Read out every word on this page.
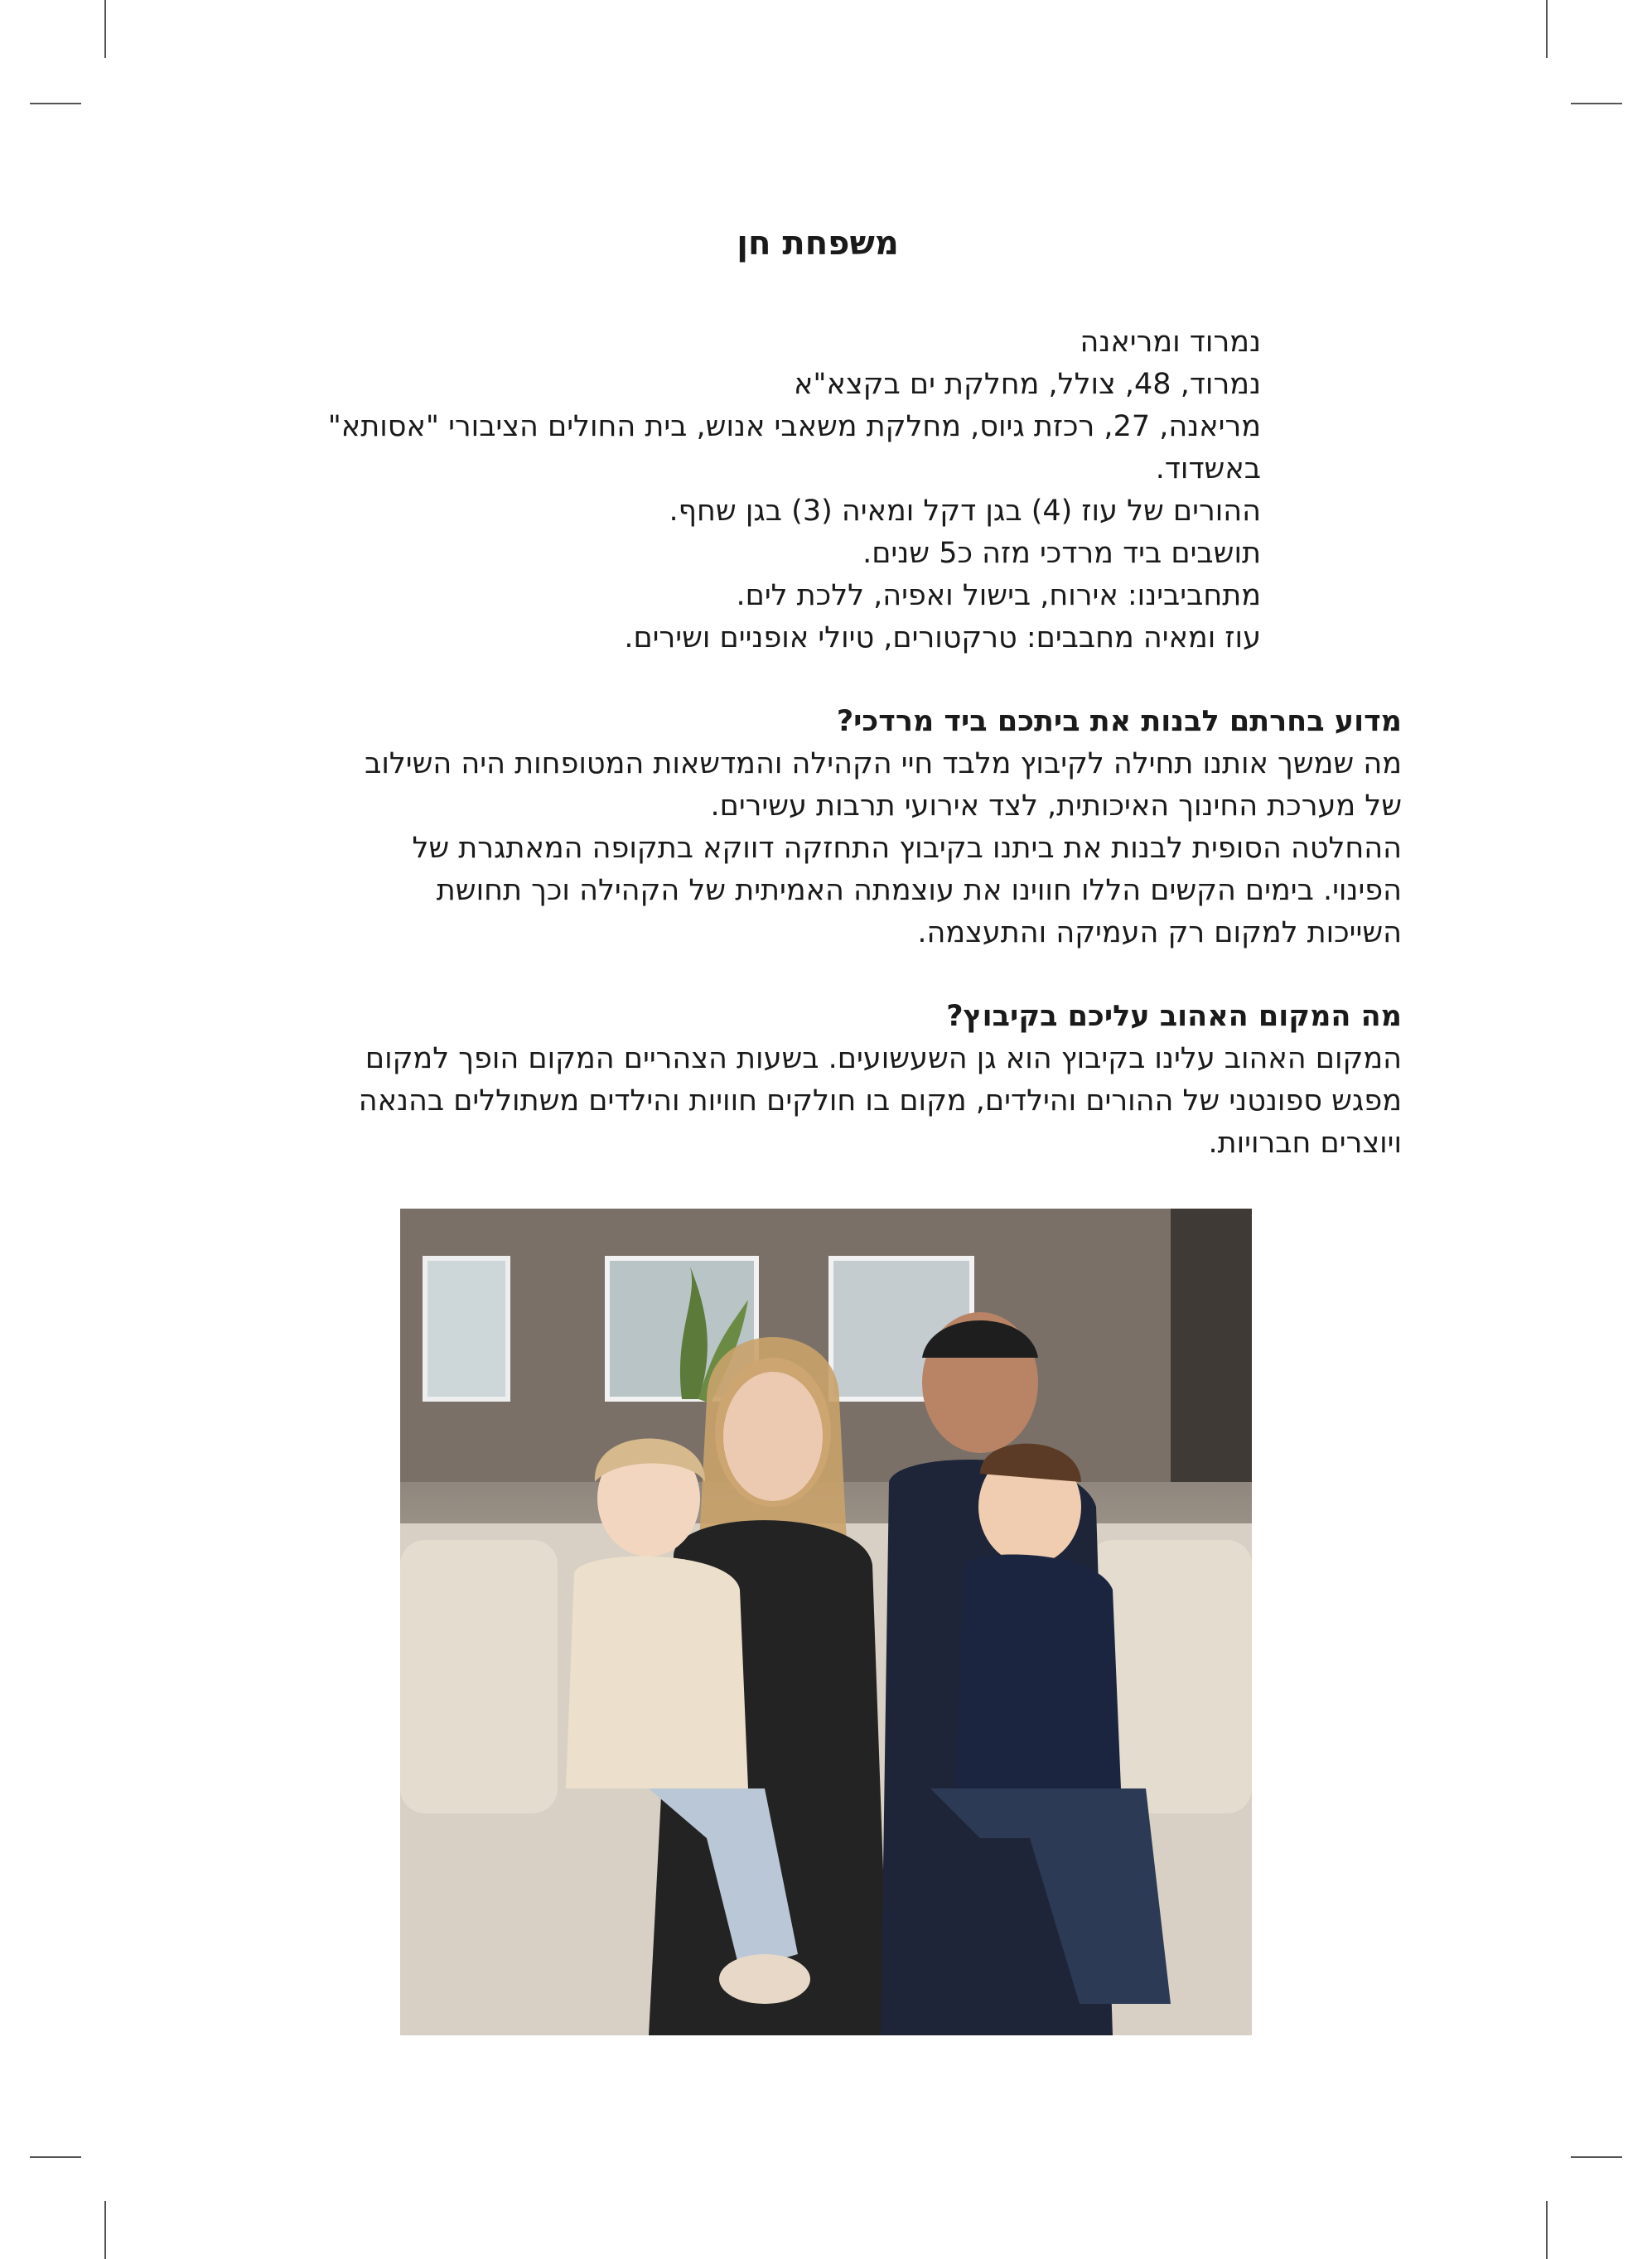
משפחת חן

נמרוד ומריאנה

נמרוד, 48, צולל, מחלקת ים בקצא"א

מריאנה, 27, רכזת גיוס, מחלקת משאבי אנוש, בית החולים הציבורי "אסותא"

באשדוד.

ההורים של עוז (4) בגן דקל ומאיה (3) בגן שחף.

תושבים ביד מרדכי מזה כ5 שנים.

מתחביבינו: אירוח, בישול ואפיה, ללכת לים.

עוז ומאיה מחבבים: טרקטורים, טיולי אופניים ושירים.

מדוע בחרתם לבנות את ביתכם ביד מרדכי?

מה שמשך אותנו תחילה לקיבוץ מלבד חיי הקהילה והמדשאות המטופחות היה השילוב

של מערכת החינוך האיכותית, לצד אירועי תרבות עשירים.

ההחלטה הסופית לבנות את ביתנו בקיבוץ התחזקה דווקא בתקופה המאתגרת של

הפינוי. בימים הקשים הללו חווינו את עוצמתה האמיתית של הקהילה וכך תחושת

השייכות למקום רק העמיקה והתעצמה.

מה המקום האהוב עליכם בקיבוץ?

המקום האהוב עלינו בקיבוץ הוא גן השעשועים. בשעות הצהריים המקום הופך למקום

מפגש ספונטני של ההורים והילדים, מקום בו חולקים חוויות והילדים משתוללים בהנאה

ויוצרים חברויות.
